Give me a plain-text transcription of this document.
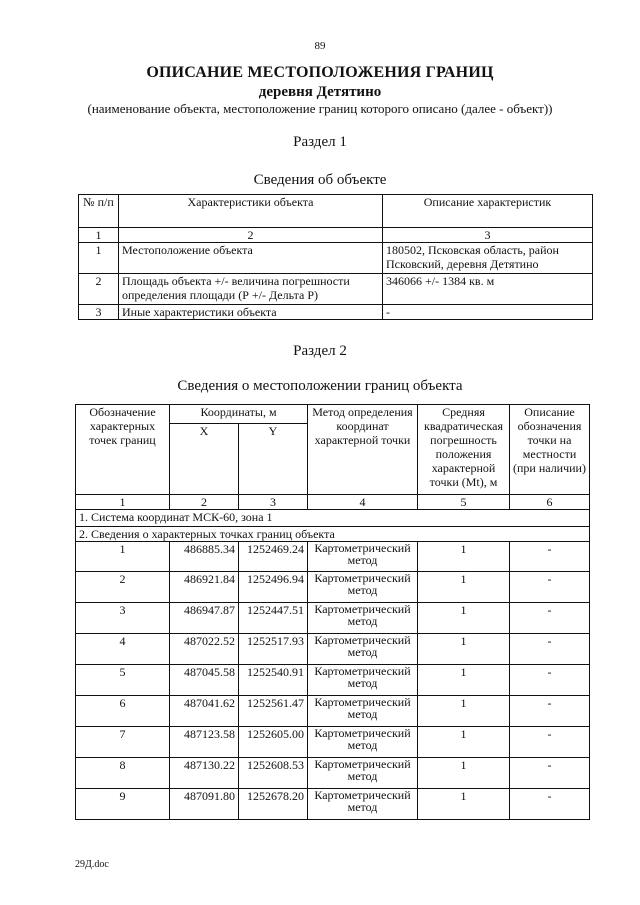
89
ОПИСАНИЕ МЕСТОПОЛОЖЕНИЯ ГРАНИЦ
деревня Детятино
(наименование объекта, местоположение границ которого описано (далее - объект))
Раздел 1
Сведения об объекте
№ п/п	Характеристики объекта	Описание характеристик
1	2	3
1	Местоположение объекта	180502, Псковская область, район Псковский, деревня Детятино
2	Площадь объекта +/- величина погрешности определения площади (Р +/- Дельта Р)	346066 +/- 1384 кв. м
3	Иные характеристики объекта	-
Раздел 2
Сведения о местоположении границ объекта
Обозначение характерных точек границ	Координаты, м		Метод определения координат характерной точки	Средняя квадратическая погрешность положения характерной точки (Mt), м	Описание обозначения точки на местности (при наличии)
	X	Y			
1	2	3	4	5	6
1. Система координат МСК-60, зона 1					
2. Сведения о характерных точках границ объекта					
1	486885.34	1252469.24	Картометрический метод	1	-
2	486921.84	1252496.94	Картометрический метод	1	-
3	486947.87	1252447.51	Картометрический метод	1	-
4	487022.52	1252517.93	Картометрический метод	1	-
5	487045.58	1252540.91	Картометрический метод	1	-
6	487041.62	1252561.47	Картометрический метод	1	-
7	487123.58	1252605.00	Картометрический метод	1	-
8	487130.22	1252608.53	Картометрический метод	1	-
9	487091.80	1252678.20	Картометрический метод	1	-
29Д.doc
